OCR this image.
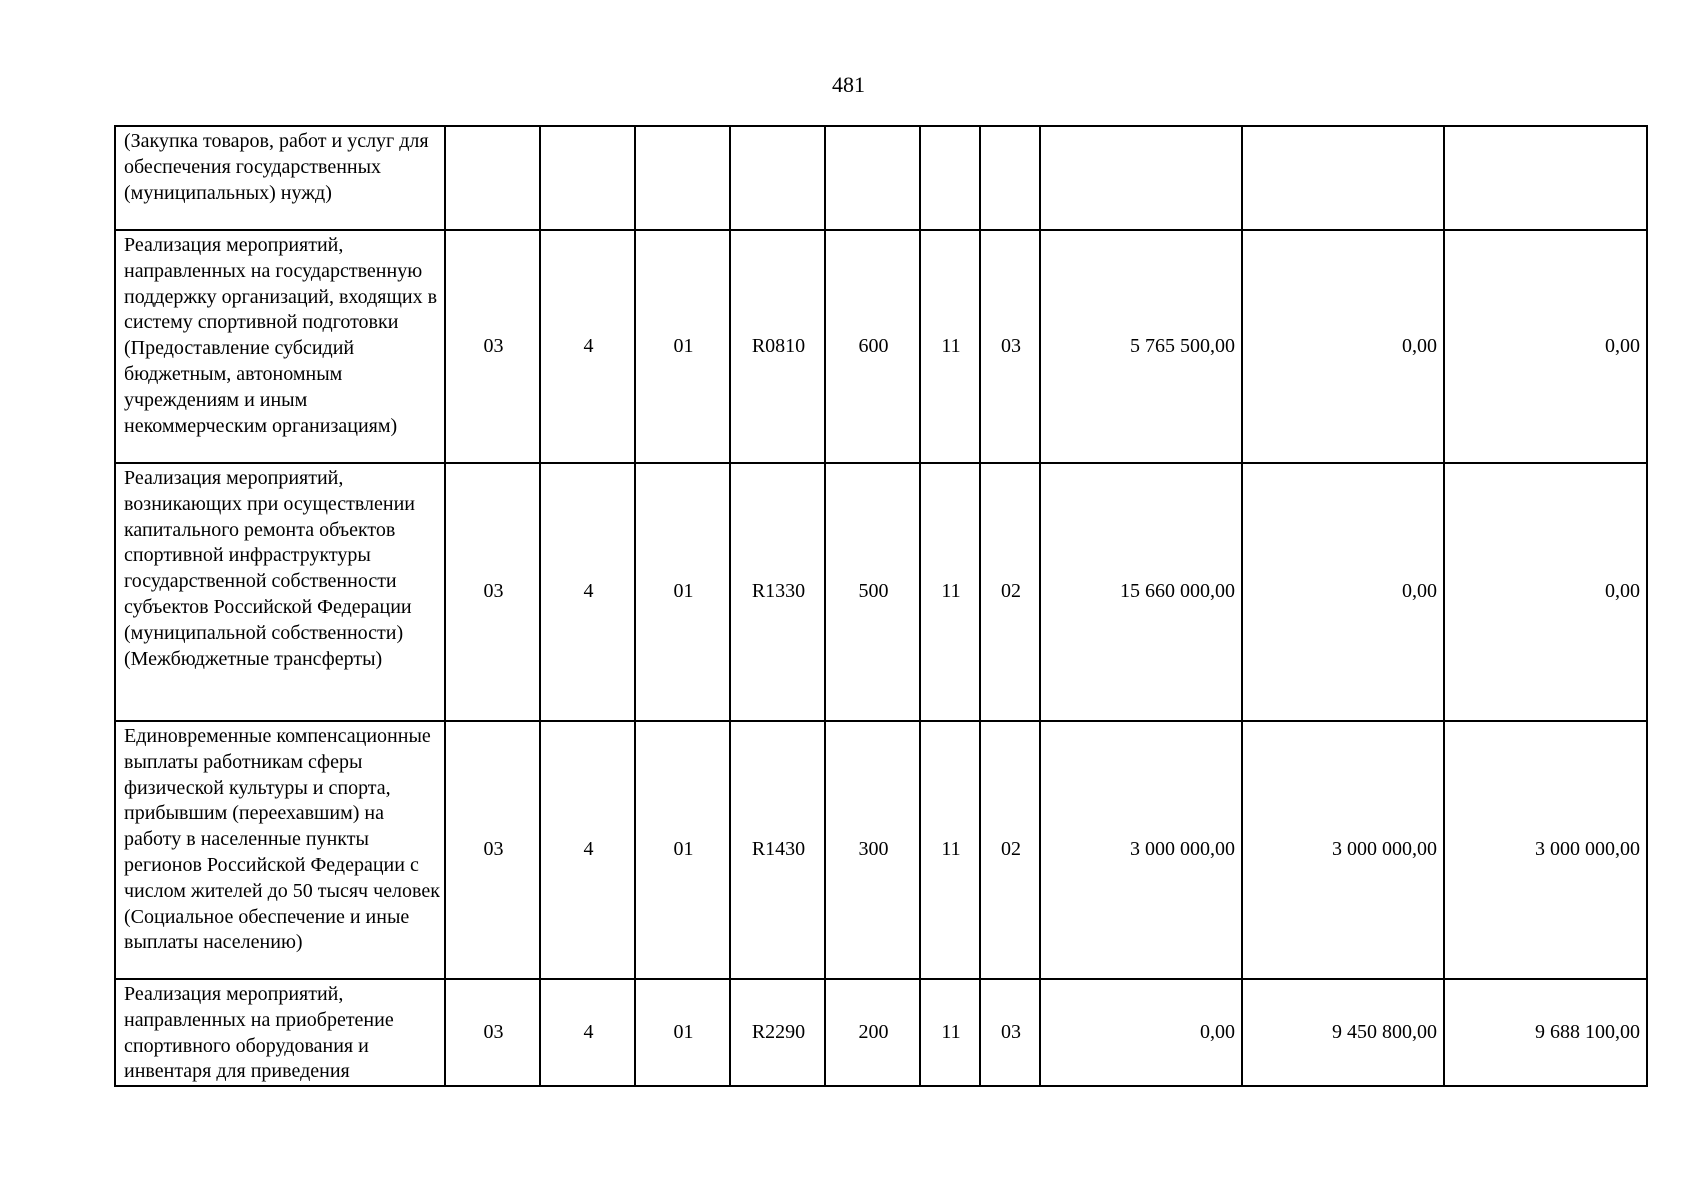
481
(Закупка товаров, работ и услуг для обеспечения государственных (муниципальных) нужд)										
Реализация мероприятий, направленных на государственную поддержку организаций, входящих в систему спортивной подготовки (Предоставление субсидий бюджетным, автономным учреждениям и иным некоммерческим организациям)	03	4	01	R0810	600	11	03	5 765 500,00	0,00	0,00
Реализация мероприятий, возникающих при осуществлении капитального ремонта объектов спортивной инфраструктуры государственной собственности субъектов Российской Федерации (муниципальной собственности) (Межбюджетные трансферты)	03	4	01	R1330	500	11	02	15 660 000,00	0,00	0,00
Единовременные компенсационные выплаты работникам сферы физической культуры и спорта, прибывшим (переехавшим) на работу в населенные пункты регионов Российской Федерации с числом жителей до 50 тысяч человек (Социальное обеспечение и иные выплаты населению)	03	4	01	R1430	300	11	02	3 000 000,00	3 000 000,00	3 000 000,00
Реализация мероприятий, направленных на приобретение спортивного оборудования и инвентаря для приведения	03	4	01	R2290	200	11	03	0,00	9 450 800,00	9 688 100,00
